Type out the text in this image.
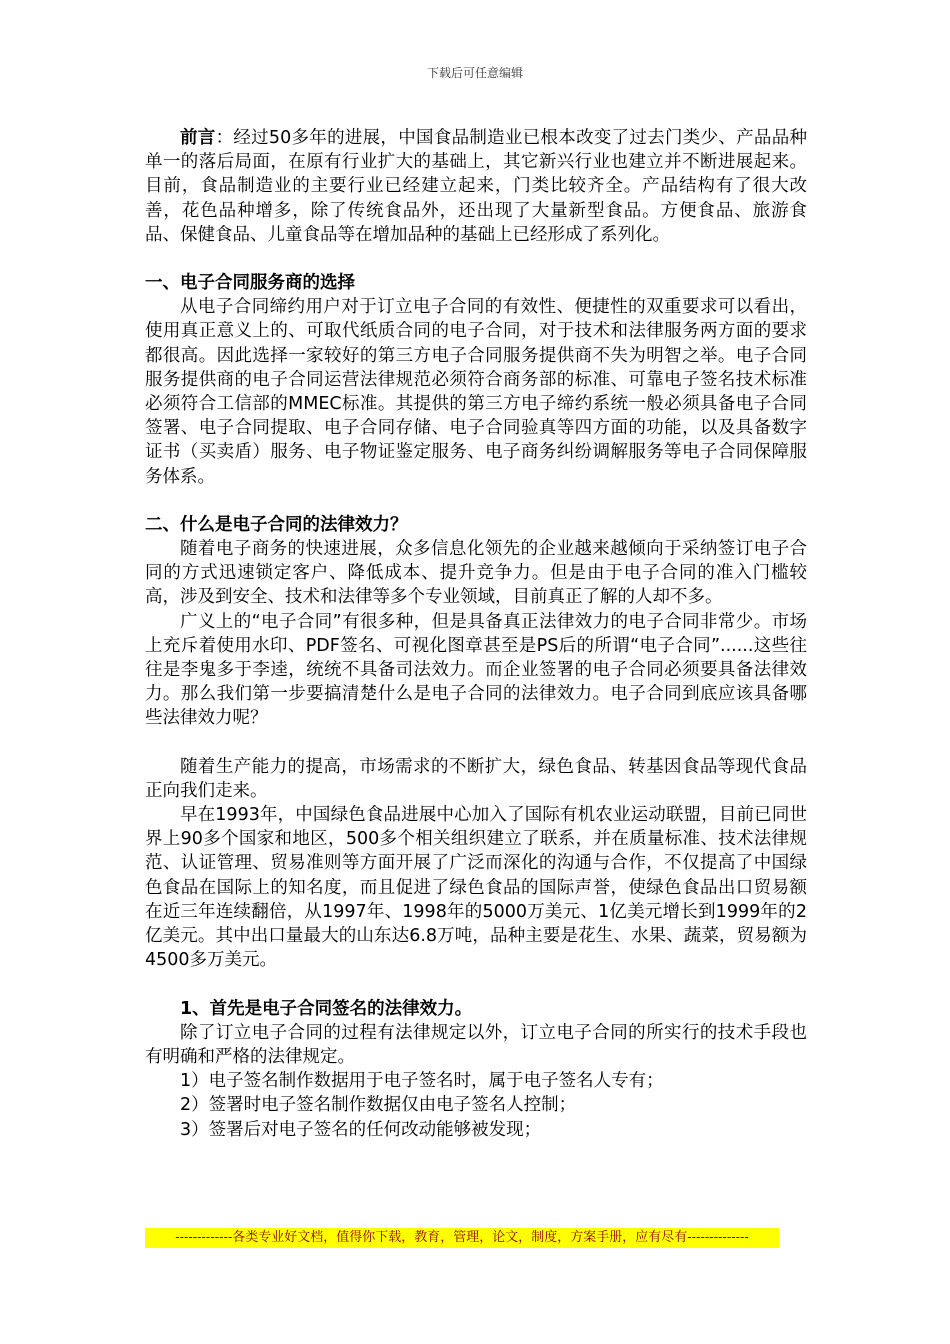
下载后可任意编辑

前言：经过50多年的进展，中国食品制造业已根本改变了过去门类少、产品品种单一的落后局面，在原有行业扩大的基础上，其它新兴行业也建立并不断进展起来。目前，食品制造业的主要行业已经建立起来，门类比较齐全。产品结构有了很大改善，花色品种增多，除了传统食品外，还出现了大量新型食品。方便食品、旅游食品、保健食品、儿童食品等在增加品种的基础上已经形成了系列化。

一、电子合同服务商的选择

从电子合同缔约用户对于订立电子合同的有效性、便捷性的双重要求可以看出，使用真正意义上的、可取代纸质合同的电子合同，对于技术和法律服务两方面的要求都很高。因此选择一家较好的第三方电子合同服务提供商不失为明智之举。电子合同服务提供商的电子合同运营法律规范必须符合商务部的标准、可靠电子签名技术标准必须符合工信部的MMEC标准。其提供的第三方电子缔约系统一般必须具备电子合同签署、电子合同提取、电子合同存储、电子合同验真等四方面的功能，以及具备数字证书（买卖盾）服务、电子物证鉴定服务、电子商务纠纷调解服务等电子合同保障服务体系。

二、什么是电子合同的法律效力？

随着电子商务的快速进展，众多信息化领先的企业越来越倾向于采纳签订电子合同的方式迅速锁定客户、降低成本、提升竞争力。但是由于电子合同的准入门槛较高，涉及到安全、技术和法律等多个专业领域，目前真正了解的人却不多。

广义上的“电子合同”有很多种，但是具备真正法律效力的电子合同非常少。市场上充斥着使用水印、PDF签名、可视化图章甚至是PS后的所谓“电子合同”......这些往往是李鬼多于李逵，统统不具备司法效力。而企业签署的电子合同必须要具备法律效力。那么我们第一步要搞清楚什么是电子合同的法律效力。电子合同到底应该具备哪些法律效力呢？

随着生产能力的提高，市场需求的不断扩大，绿色食品、转基因食品等现代食品正向我们走来。

早在1993年，中国绿色食品进展中心加入了国际有机农业运动联盟，目前已同世界上90多个国家和地区，500多个相关组织建立了联系，并在质量标准、技术法律规范、认证管理、贸易准则等方面开展了广泛而深化的沟通与合作，不仅提高了中国绿色食品在国际上的知名度，而且促进了绿色食品的国际声誉，使绿色食品出口贸易额在近三年连续翻倍，从1997年、1998年的5000万美元、1亿美元增长到1999年的2亿美元。其中出口量最大的山东达6.8万吨，品种主要是花生、水果、蔬菜，贸易额为4500多万美元。

1、首先是电子合同签名的法律效力。

除了订立电子合同的过程有法律规定以外，订立电子合同的所实行的技术手段也有明确和严格的法律规定。

1）电子签名制作数据用于电子签名时，属于电子签名人专有；

2）签署时电子签名制作数据仅由电子签名人控制；

3）签署后对电子签名的任何改动能够被发现；

-------------各类专业好文档，值得你下载，教育，管理，论文，制度，方案手册，应有尽有--------------
